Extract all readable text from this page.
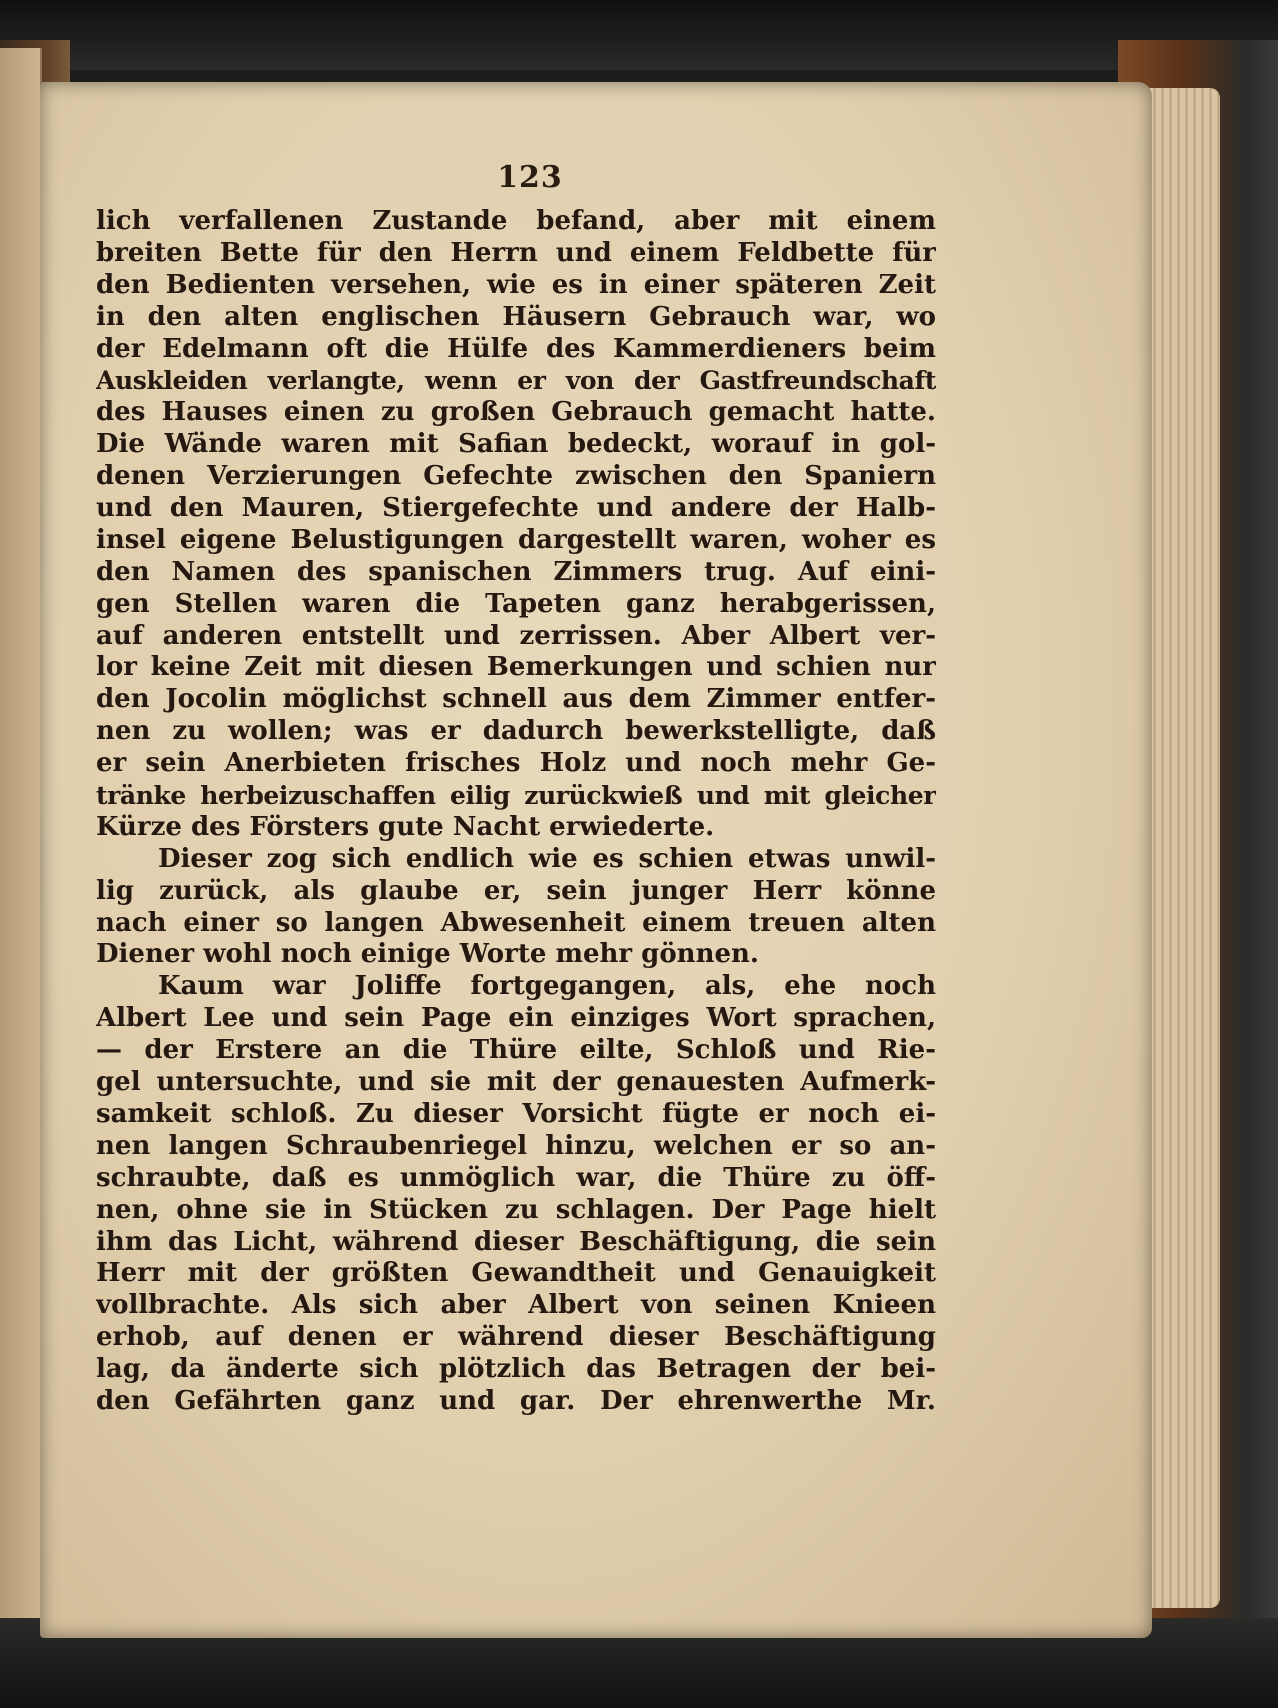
123
lich verfallenen Zustande befand, aber mit einem
breiten Bette für den Herrn und einem Feldbette für
den Bedienten versehen, wie es in einer späteren Zeit
in den alten englischen Häusern Gebrauch war, wo
der Edelmann oft die Hülfe des Kammerdieners beim
Auskleiden verlangte, wenn er von der Gastfreundschaft
des Hauses einen zu großen Gebrauch gemacht hatte.
Die Wände waren mit Safian bedeckt, worauf in gol-
denen Verzierungen Gefechte zwischen den Spaniern
und den Mauren, Stiergefechte und andere der Halb-
insel eigene Belustigungen dargestellt waren, woher es
den Namen des spanischen Zimmers trug. Auf eini-
gen Stellen waren die Tapeten ganz herabgerissen,
auf anderen entstellt und zerrissen. Aber Albert ver-
lor keine Zeit mit diesen Bemerkungen und schien nur
den Jocolin möglichst schnell aus dem Zimmer entfer-
nen zu wollen; was er dadurch bewerkstelligte, daß
er sein Anerbieten frisches Holz und noch mehr Ge-
tränke herbeizuschaffen eilig zurückwieß und mit gleicher
Kürze des Försters gute Nacht erwiederte.
Dieser zog sich endlich wie es schien etwas unwil-
lig zurück, als glaube er, sein junger Herr könne
nach einer so langen Abwesenheit einem treuen alten
Diener wohl noch einige Worte mehr gönnen.
Kaum war Joliffe fortgegangen, als, ehe noch
Albert Lee und sein Page ein einziges Wort sprachen,
— der Erstere an die Thüre eilte, Schloß und Rie-
gel untersuchte, und sie mit der genauesten Aufmerk-
samkeit schloß. Zu dieser Vorsicht fügte er noch ei-
nen langen Schraubenriegel hinzu, welchen er so an-
schraubte, daß es unmöglich war, die Thüre zu öff-
nen, ohne sie in Stücken zu schlagen. Der Page hielt
ihm das Licht, während dieser Beschäftigung, die sein
Herr mit der größten Gewandtheit und Genauigkeit
vollbrachte. Als sich aber Albert von seinen Knieen
erhob, auf denen er während dieser Beschäftigung
lag, da änderte sich plötzlich das Betragen der bei-
den Gefährten ganz und gar. Der ehrenwerthe Mr.
